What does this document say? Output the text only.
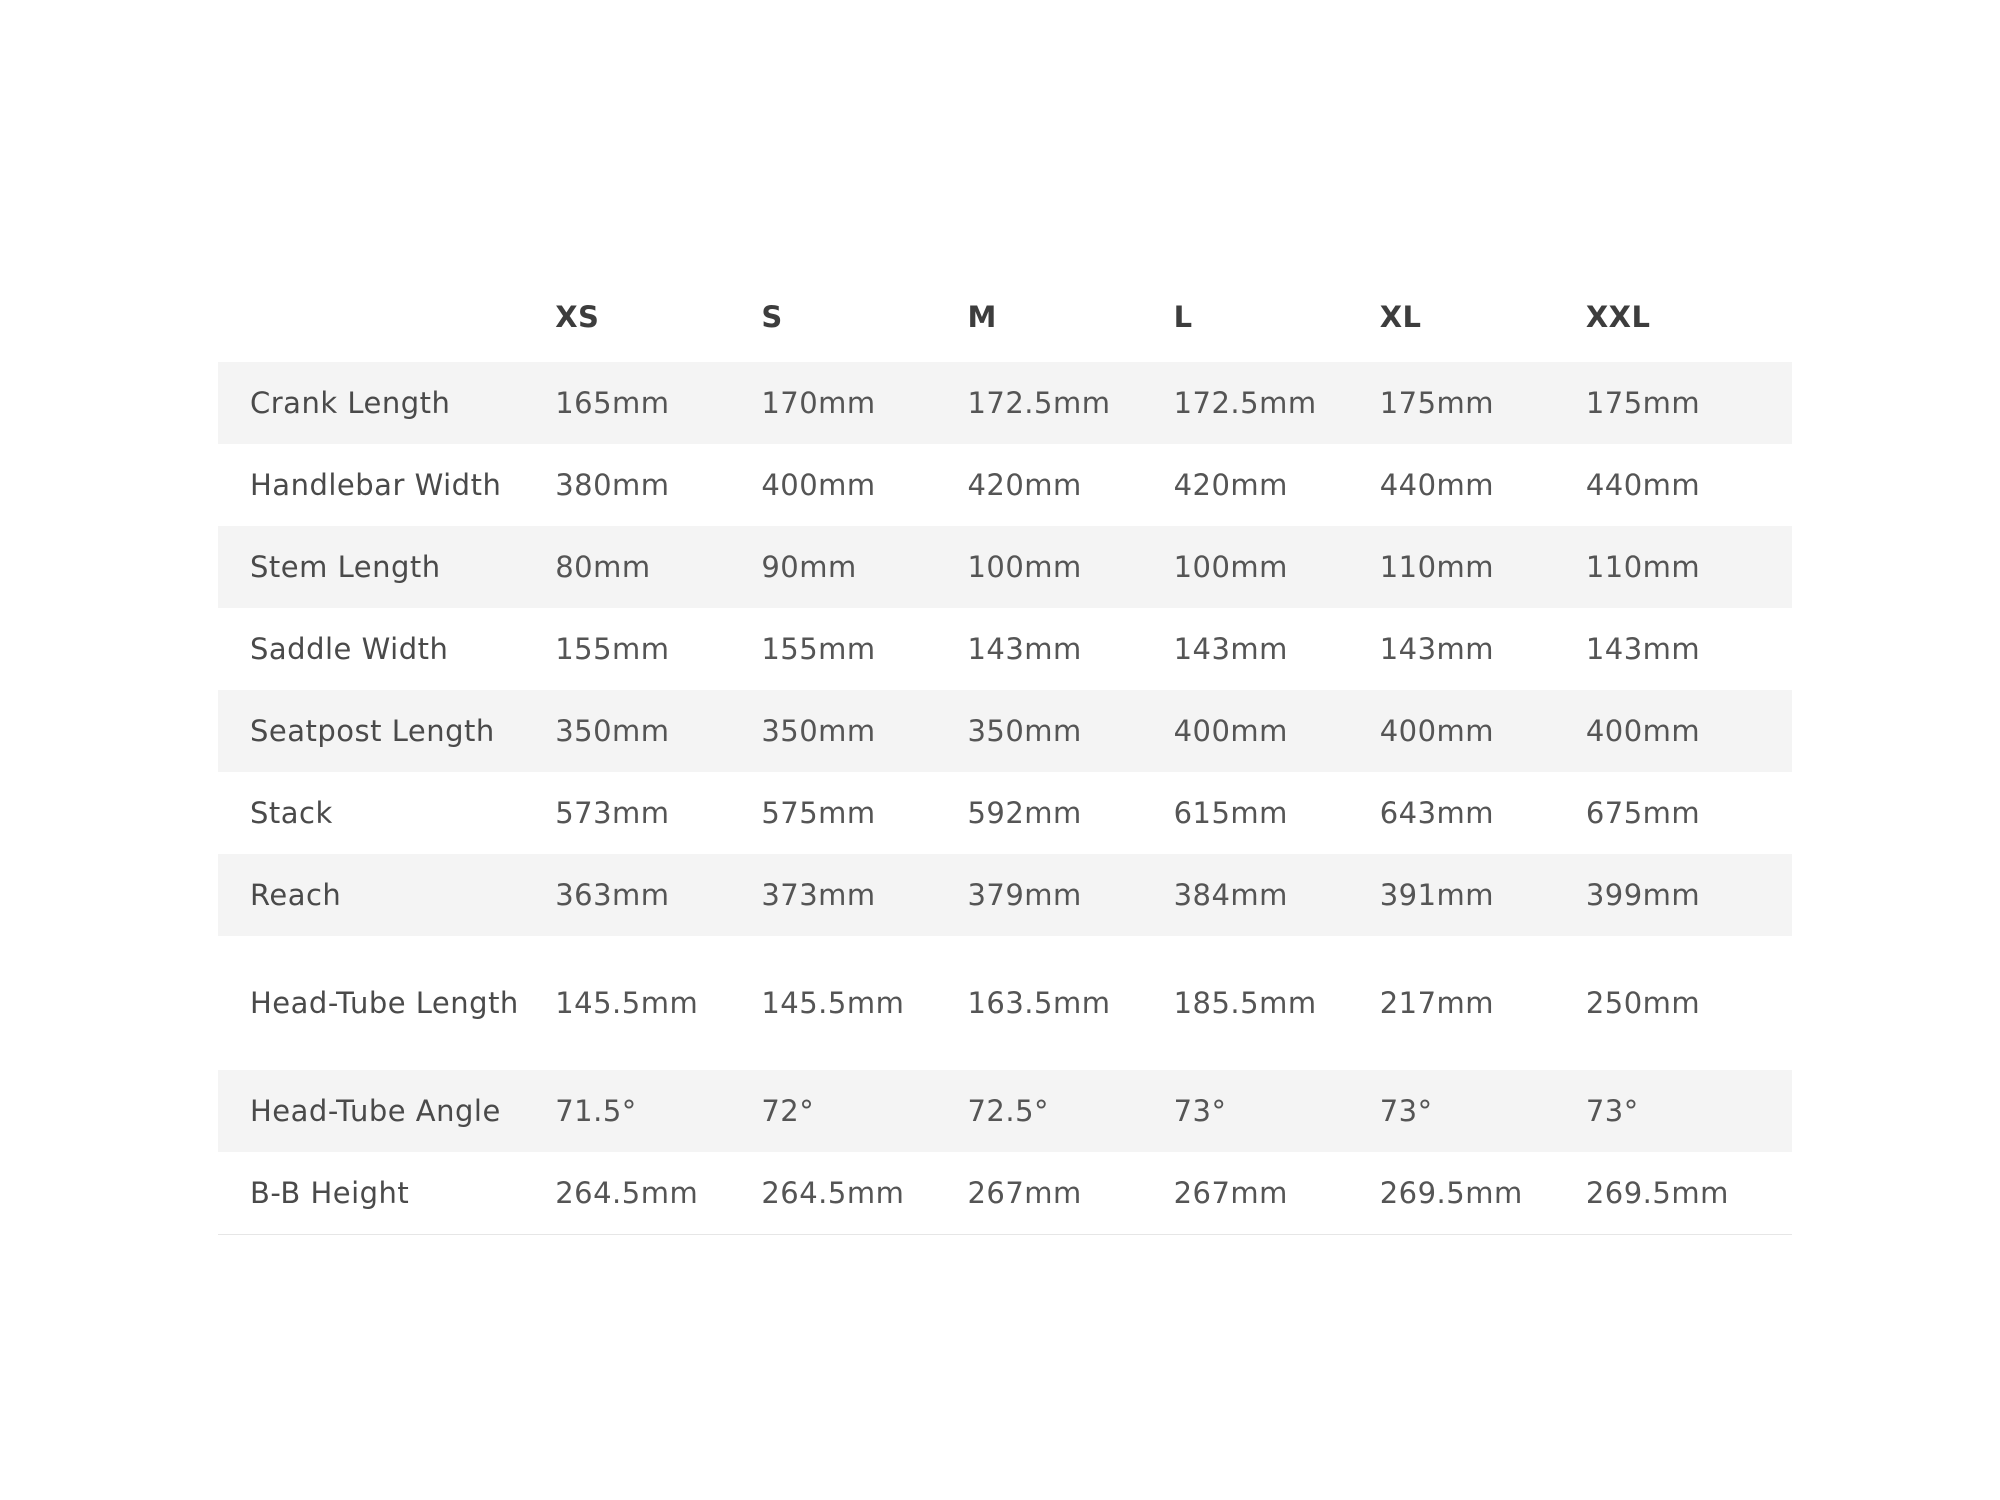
	XS	S	M	L	XL	XXL
Crank Length	165mm	170mm	172.5mm	172.5mm	175mm	175mm
Handlebar Width	380mm	400mm	420mm	420mm	440mm	440mm
Stem Length	80mm	90mm	100mm	100mm	110mm	110mm
Saddle Width	155mm	155mm	143mm	143mm	143mm	143mm
Seatpost Length	350mm	350mm	350mm	400mm	400mm	400mm
Stack	573mm	575mm	592mm	615mm	643mm	675mm
Reach	363mm	373mm	379mm	384mm	391mm	399mm
Head-Tube Length	145.5mm	145.5mm	163.5mm	185.5mm	217mm	250mm
Head-Tube Angle	71.5°	72°	72.5°	73°	73°	73°
B-B Height	264.5mm	264.5mm	267mm	267mm	269.5mm	269.5mm
